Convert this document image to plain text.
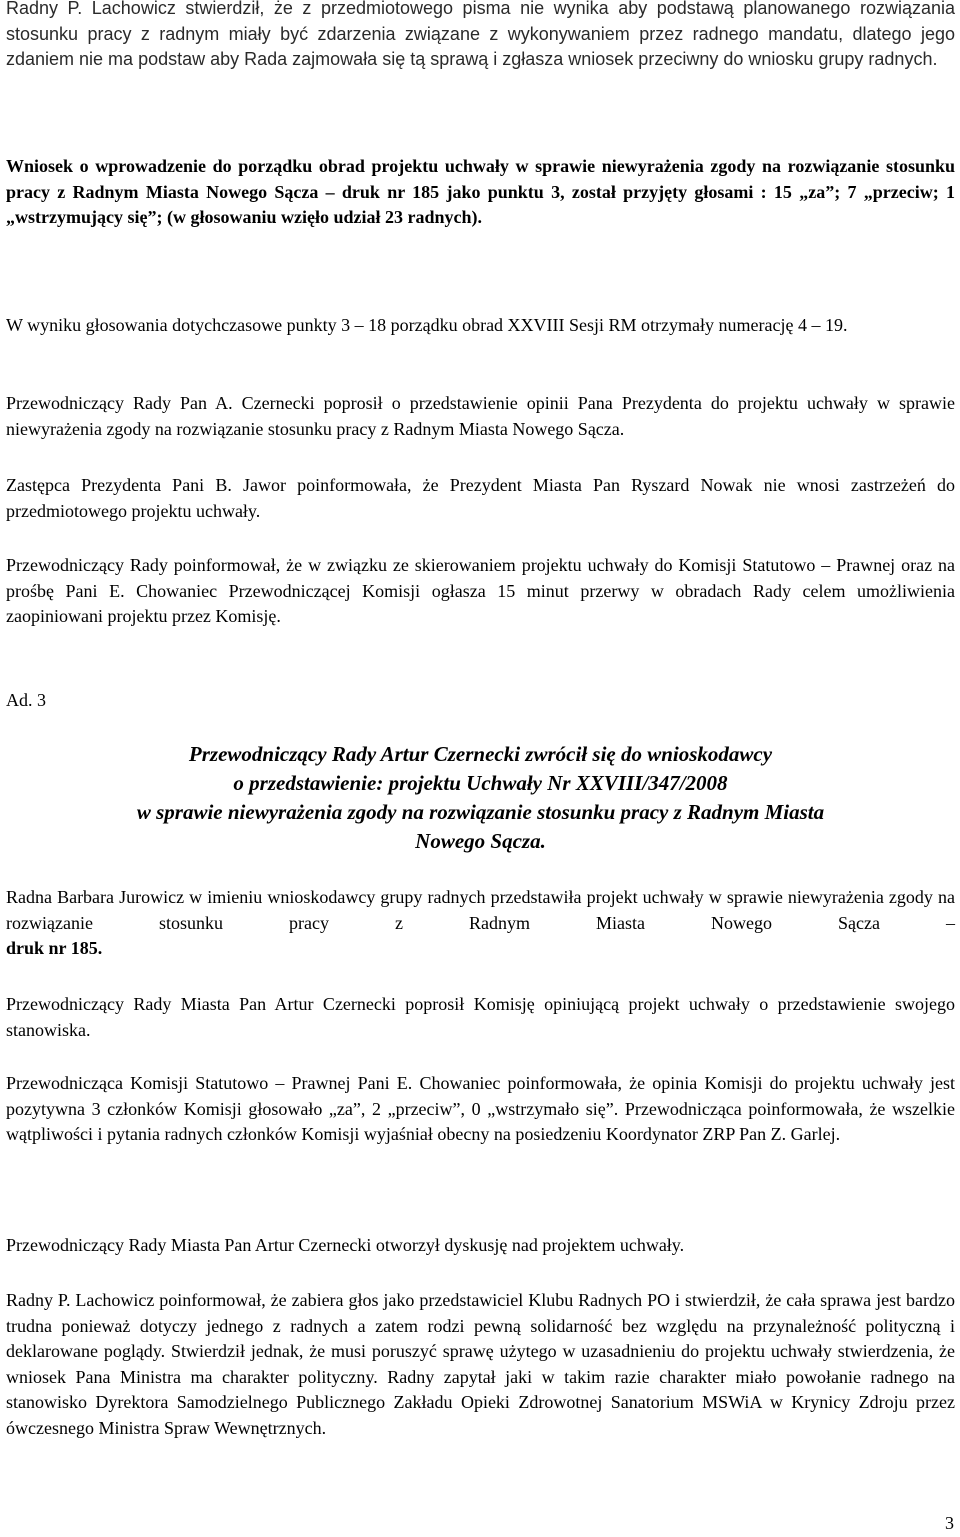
Radny P. Lachowicz stwierdził, że z przedmiotowego pisma nie wynika aby podstawą planowanego rozwiązania stosunku pracy z radnym miały być zdarzenia związane z wykonywaniem przez radnego mandatu, dlatego jego zdaniem nie ma podstaw aby Rada zajmowała się tą sprawą i zgłasza wniosek przeciwny do wniosku grupy radnych.

Wniosek o wprowadzenie do porządku obrad projektu uchwały w sprawie niewyrażenia zgody na rozwiązanie stosunku pracy z Radnym Miasta Nowego Sącza – druk nr 185 jako punktu 3, został przyjęty głosami : 15 „za”; 7 „przeciw; 1 „wstrzymujący się”; (w głosowaniu wzięło udział 23 radnych).

W wyniku głosowania dotychczasowe punkty 3 – 18 porządku obrad XXVIII Sesji RM otrzymały numerację 4 – 19.

Przewodniczący Rady Pan A. Czernecki poprosił o przedstawienie opinii Pana Prezydenta do projektu uchwały w sprawie niewyrażenia zgody na rozwiązanie stosunku pracy z Radnym Miasta Nowego Sącza.

Zastępca Prezydenta Pani B. Jawor poinformowała, że Prezydent Miasta Pan Ryszard Nowak nie wnosi zastrzeżeń do przedmiotowego projektu uchwały.

Przewodniczący Rady poinformował, że w związku ze skierowaniem projektu uchwały do Komisji Statutowo – Prawnej oraz na prośbę Pani E. Chowaniec Przewodniczącej Komisji ogłasza 15 minut przerwy w obradach Rady celem umożliwienia zaopiniowani projektu przez Komisję.

Ad. 3

Przewodniczący Rady Artur Czernecki zwrócił się do wnioskodawcy

o przedstawienie: projektu Uchwały Nr XXVIII/347/2008

w sprawie niewyrażenia zgody na rozwiązanie stosunku pracy z Radnym Miasta

Nowego Sącza.

Radna Barbara Jurowicz w imieniu wnioskodawcy grupy radnych przedstawiła projekt uchwały w sprawie niewyrażenia zgody na rozwiązanie stosunku pracy z Radnym Miasta Nowego Sącza –

druk nr 185.

Przewodniczący Rady Miasta Pan Artur Czernecki poprosił Komisję opiniującą projekt uchwały o przedstawienie swojego stanowiska.

Przewodnicząca Komisji Statutowo – Prawnej Pani E. Chowaniec poinformowała, że opinia Komisji do projektu uchwały jest pozytywna 3 członków Komisji głosowało „za”, 2 „przeciw”, 0 „wstrzymało się”. Przewodnicząca poinformowała, że wszelkie wątpliwości i pytania radnych członków Komisji wyjaśniał obecny na posiedzeniu Koordynator ZRP Pan Z. Garlej.

Przewodniczący Rady Miasta Pan Artur Czernecki otworzył dyskusję nad projektem uchwały.

Radny P. Lachowicz poinformował, że zabiera głos jako przedstawiciel Klubu Radnych PO i stwierdził, że cała sprawa jest bardzo trudna ponieważ dotyczy jednego z radnych a zatem rodzi pewną solidarność bez względu na przynależność polityczną i deklarowane poglądy. Stwierdził jednak, że musi poruszyć sprawę użytego w uzasadnieniu do projektu uchwały stwierdzenia, że wniosek Pana Ministra ma charakter polityczny. Radny zapytał jaki w takim razie charakter miało powołanie radnego na stanowisko Dyrektora Samodzielnego Publicznego Zakładu Opieki Zdrowotnej Sanatorium MSWiA w Krynicy Zdroju przez ówczesnego Ministra Spraw Wewnętrznych.

3
